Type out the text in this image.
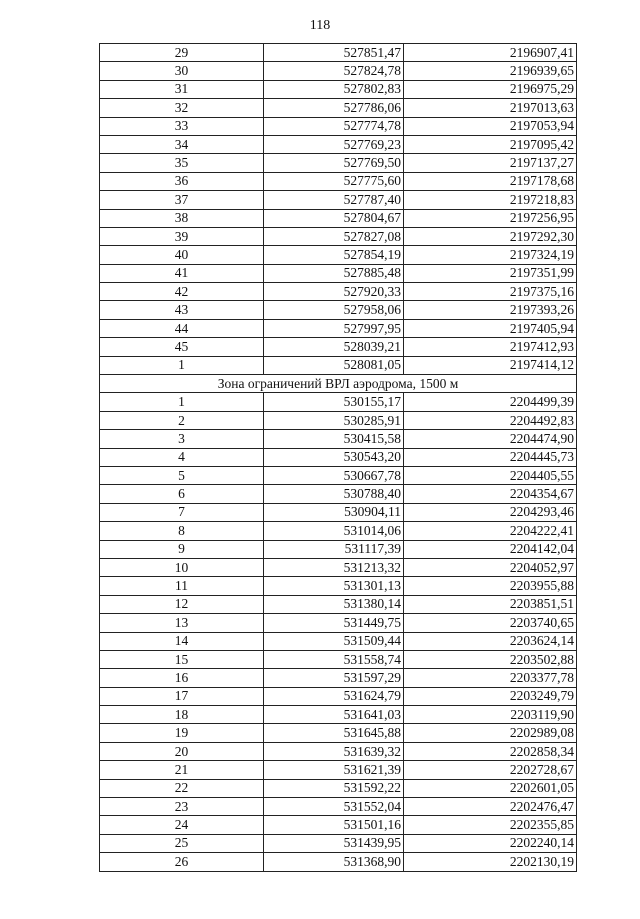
118
29	527851,47	2196907,41
30	527824,78	2196939,65
31	527802,83	2196975,29
32	527786,06	2197013,63
33	527774,78	2197053,94
34	527769,23	2197095,42
35	527769,50	2197137,27
36	527775,60	2197178,68
37	527787,40	2197218,83
38	527804,67	2197256,95
39	527827,08	2197292,30
40	527854,19	2197324,19
41	527885,48	2197351,99
42	527920,33	2197375,16
43	527958,06	2197393,26
44	527997,95	2197405,94
45	528039,21	2197412,93
1	528081,05	2197414,12
Зона ограничений ВРЛ аэродрома, 1500 м		
1	530155,17	2204499,39
2	530285,91	2204492,83
3	530415,58	2204474,90
4	530543,20	2204445,73
5	530667,78	2204405,55
6	530788,40	2204354,67
7	530904,11	2204293,46
8	531014,06	2204222,41
9	531117,39	2204142,04
10	531213,32	2204052,97
11	531301,13	2203955,88
12	531380,14	2203851,51
13	531449,75	2203740,65
14	531509,44	2203624,14
15	531558,74	2203502,88
16	531597,29	2203377,78
17	531624,79	2203249,79
18	531641,03	2203119,90
19	531645,88	2202989,08
20	531639,32	2202858,34
21	531621,39	2202728,67
22	531592,22	2202601,05
23	531552,04	2202476,47
24	531501,16	2202355,85
25	531439,95	2202240,14
26	531368,90	2202130,19
